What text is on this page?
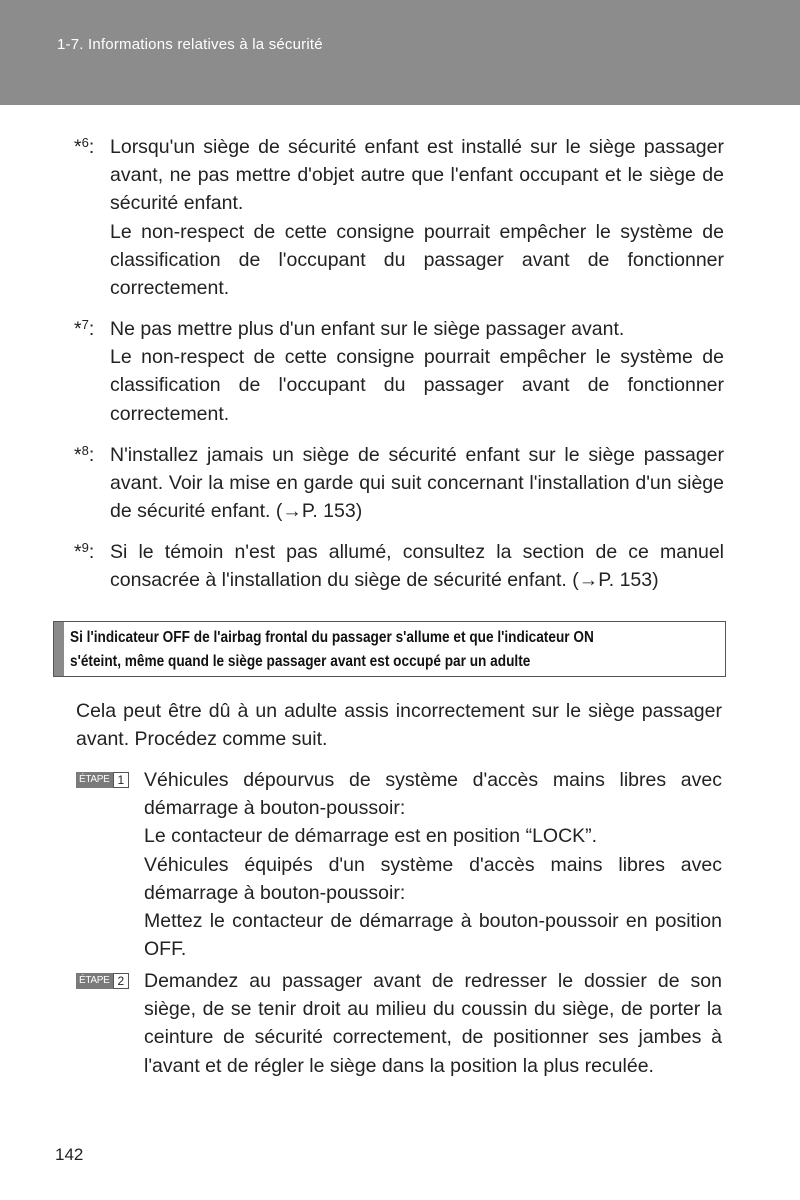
1-7. Informations relatives à la sécurité
*$^6$: Lorsqu'un siège de sécurité enfant est installé sur le siège passager avant, ne pas mettre d'objet autre que l'enfant occupant et le siège de sécurité enfant.

Le non-respect de cette consigne pourrait empêcher le système de classification de l'occupant du passager avant de fonctionner correctement.

*$^7$: Ne pas mettre plus d'un enfant sur le siège passager avant.

Le non-respect de cette consigne pourrait empêcher le système de classification de l'occupant du passager avant de fonctionner correctement.

*$^8$: N'installez jamais un siège de sécurité enfant sur le siège passager avant. Voir la mise en garde qui suit concernant l'installation d'un siège de sécurité enfant. (→P. 153)

*$^9$: Si le témoin n'est pas allumé, consultez la section de ce manuel consacrée à l'installation du siège de sécurité enfant. (→P. 153)

Si l'indicateur OFF de l'airbag frontal du passager s'allume et que l'indicateur ON
s'éteint, même quand le siège passager avant est occupé par un adulte

Cela peut être dû à un adulte assis incorrectement sur le siège passager avant. Procédez comme suit.

ÉTAPE 1 Véhicules dépourvus de système d'accès mains libres avec démarrage à bouton-poussoir:

Le contacteur de démarrage est en position “LOCK”.

Véhicules équipés d'un système d'accès mains libres avec démarrage à bouton-poussoir:

Mettez le contacteur de démarrage à bouton-poussoir en position OFF.

ÉTAPE 2 Demandez au passager avant de redresser le dossier de son siège, de se tenir droit au milieu du coussin du siège, de porter la ceinture de sécurité correctement, de positionner ses jambes à l'avant et de régler le siège dans la position la plus reculée.

142
